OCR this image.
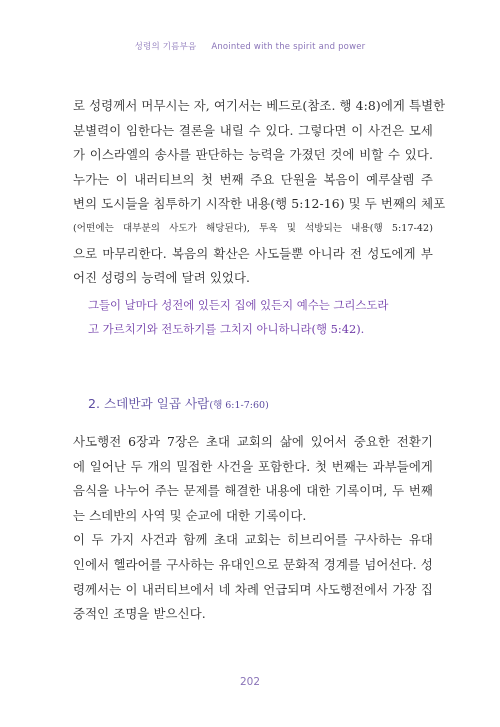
성령의 기름부음 Anointed with the spirit and power
로 성령께서 머무시는 자, 여기서는 베드로(참조. 행 4:8)에게 특별한
분별력이 임한다는 결론을 내릴 수 있다. 그렇다면 이 사건은 모세
가 이스라엘의 송사를 판단하는 능력을 가졌던 것에 비할 수 있다.
누가는 이 내러티브의 첫 번째 주요 단원을 복음이 예루살렘 주
변의 도시들을 침투하기 시작한 내용(행 5:12-16) 및 두 번째의 체포
(어떤에는 대부분의 사도가 해당된다), 투옥 및 석방되는 내용(행 5:17-42)
으로 마무리한다. 복음의 확산은 사도들뿐 아니라 전 성도에게 부
어진 성령의 능력에 달려 있었다.
그들이 날마다 성전에 있든지 집에 있든지 예수는 그리스도라
고 가르치기와 전도하기를 그치지 아니하니라(행 5:42).
2. 스데반과 일곱 사람(행 6:1-7:60)
사도행전 6장과 7장은 초대 교회의 삶에 있어서 중요한 전환기
에 일어난 두 개의 밀접한 사건을 포함한다. 첫 번째는 과부들에게
음식을 나누어 주는 문제를 해결한 내용에 대한 기록이며, 두 번째
는 스데반의 사역 및 순교에 대한 기록이다.
이 두 가지 사건과 함께 초대 교회는 히브리어를 구사하는 유대
인에서 헬라어를 구사하는 유대인으로 문화적 경계를 넘어선다. 성
령께서는 이 내러티브에서 네 차례 언급되며 사도행전에서 가장 집
중적인 조명을 받으신다.
202
